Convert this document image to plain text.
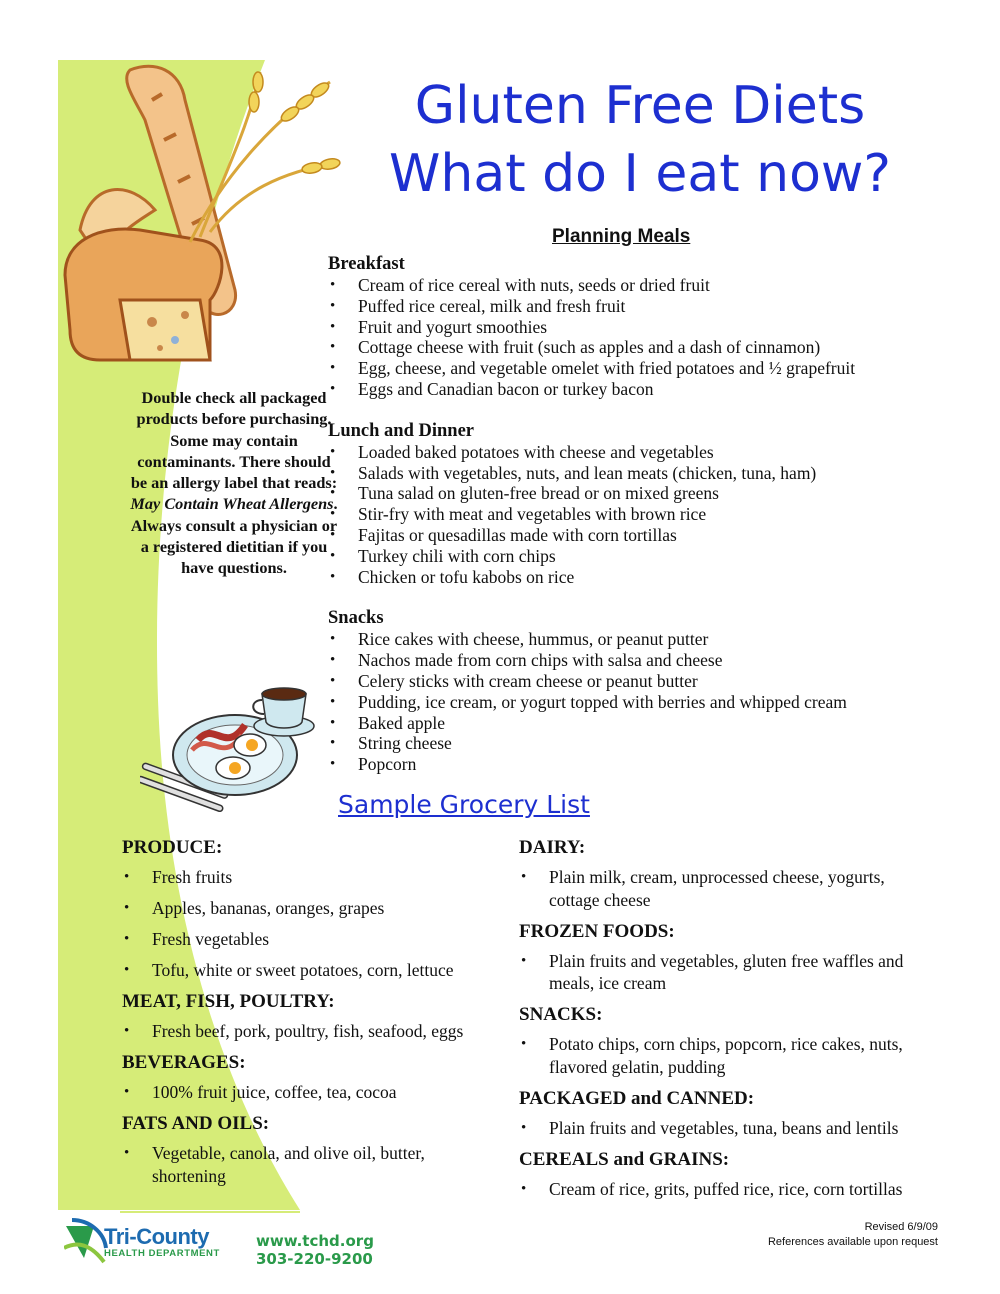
Gluten Free Diets
What do I eat now?
Planning Meals
Breakfast
• Cream of rice cereal with nuts, seeds or dried fruit
• Puffed rice cereal, milk and fresh fruit
• Fruit and yogurt smoothies
• Cottage cheese with fruit (such as apples and a dash of cinnamon)
• Egg, cheese, and vegetable omelet with fried potatoes and ½ grapefruit
• Eggs and Canadian bacon or turkey bacon
Lunch and Dinner
• Loaded baked potatoes with cheese and vegetables
• Salads with vegetables, nuts, and lean meats (chicken, tuna, ham)
• Tuna salad on gluten-free bread or on mixed greens
• Stir-fry with meat and vegetables with brown rice
• Fajitas or quesadillas made with corn tortillas
• Turkey chili with corn chips
• Chicken or tofu kabobs on rice
Snacks
• Rice cakes with cheese, hummus, or peanut putter
• Nachos made from corn chips with salsa and cheese
• Celery sticks with cream cheese or peanut butter
• Pudding, ice cream, or yogurt topped with berries and whipped cream
• Baked apple
• String cheese
• Popcorn
Double check all packaged products before purchasing. Some may contain contaminants. There should be an allergy label that reads: May Contain Wheat Allergens. Always consult a physician or a registered dietitian if you have questions.
Sample Grocery List
PRODUCE:
• Fresh fruits
• Apples, bananas, oranges, grapes
• Fresh vegetables
• Tofu, white or sweet potatoes, corn, lettuce
MEAT, FISH, POULTRY:
• Fresh beef, pork, poultry, fish, seafood, eggs
BEVERAGES:
• 100% fruit juice, coffee, tea, cocoa
FATS AND OILS:
• Vegetable, canola, and olive oil, butter, shortening
DAIRY:
• Plain milk, cream, unprocessed cheese, yogurts, cottage cheese
FROZEN FOODS:
• Plain fruits and vegetables, gluten free waffles and meals, ice cream
SNACKS:
• Potato chips, corn chips, popcorn, rice cakes, nuts, flavored gelatin, pudding
PACKAGED and CANNED:
• Plain fruits and vegetables, tuna, beans and lentils
CEREALS and GRAINS:
• Cream of rice, grits, puffed rice, rice, corn tortillas
Tri-County
HEALTH DEPARTMENT
www.tchd.org
303-220-9200
Revised 6/9/09
References available upon request
